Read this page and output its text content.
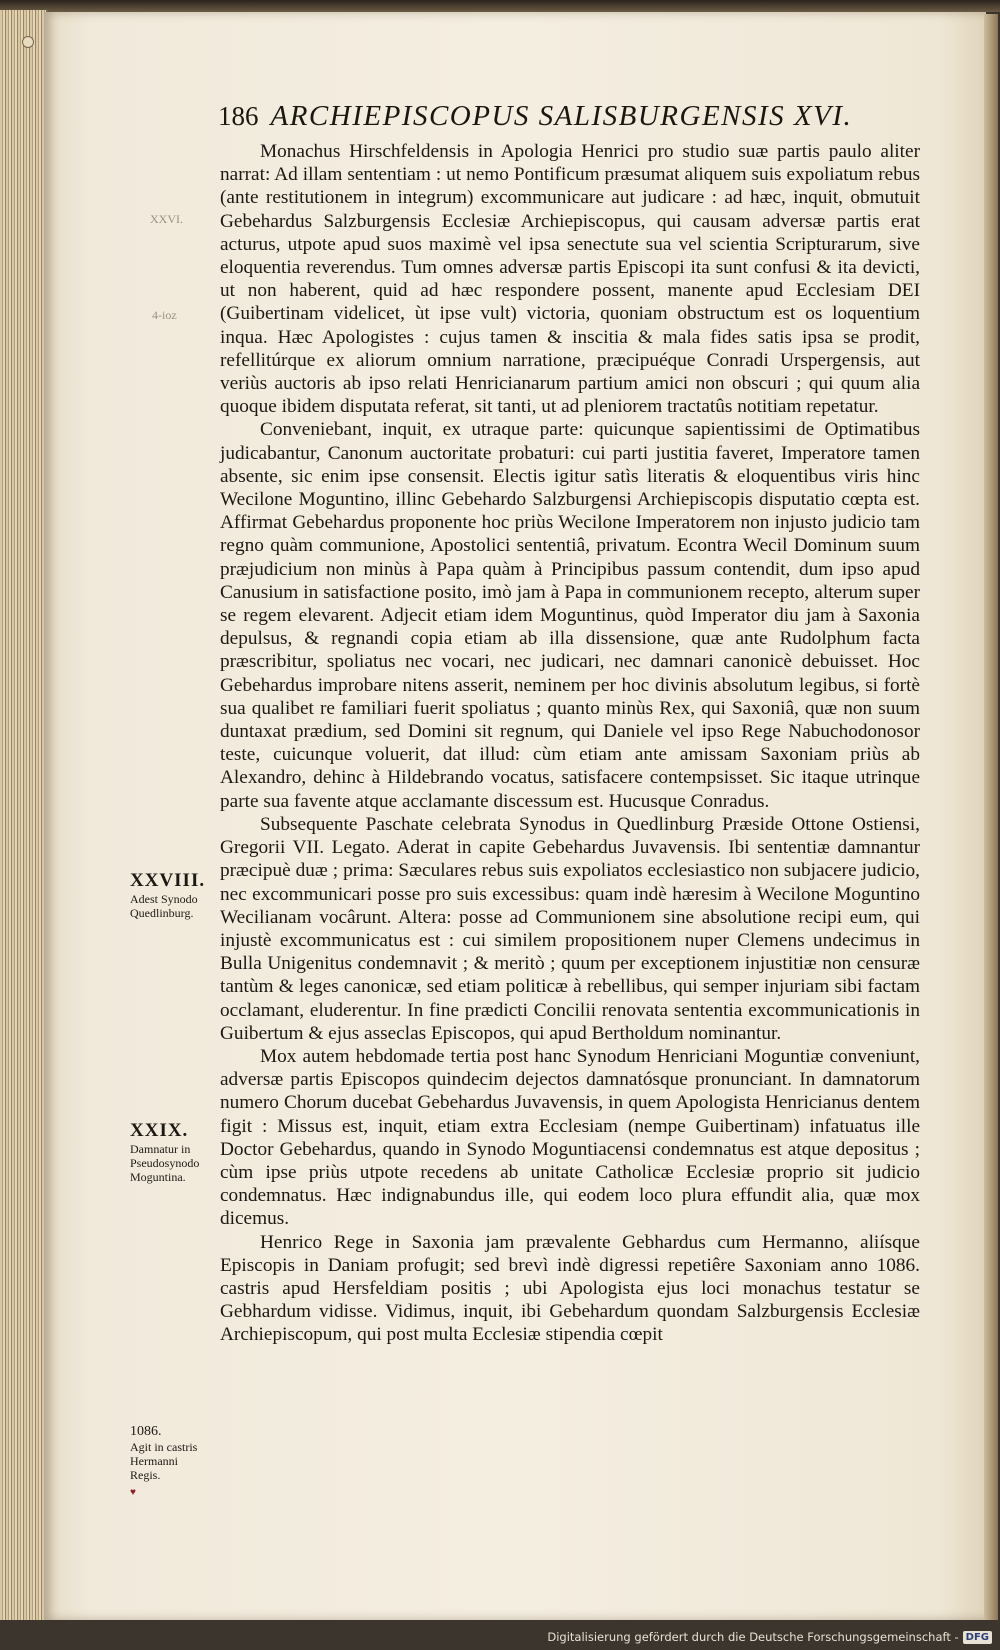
186 ARCHIEPISCOPUS SALISBURGENSIS XVI.

Monachus Hirschfeldensis in Apologia Henrici pro studio suæ partis paulo aliter narrat: Ad illam sententiam : ut nemo Pontificum præsumat aliquem suis expoliatum rebus (ante restitutionem in integrum) excommunicare aut judicare : ad hæc, inquit, obmutuit Gebehardus Salzburgensis Ecclesiæ Archiepiscopus, qui causam adversæ partis erat acturus, utpote apud suos maximè vel ipsa senectute sua vel scientia Scripturarum, sive eloquentia reverendus. Tum omnes adversæ partis Episcopi ita sunt confusi & ita devicti, ut non haberent, quid ad hæc respondere possent, manente apud Ecclesiam DEI (Guibertinam videlicet, ùt ipse vult) victoria, quoniam obstructum est os loquentium inqua. Hæc Apologistes : cujus tamen & inscitia & mala fides satis ipsa se prodit, refellitúrque ex aliorum omnium narratione, præcipuéque Conradi Urspergensis, aut veriùs auctoris ab ipso relati Henricianarum partium amici non obscuri ; qui quum alia quoque ibidem disputata referat, sit tanti, ut ad pleniorem tractatûs notitiam repetatur.

Conveniebant, inquit, ex utraque parte: quicunque sapientissimi de Optimatibus judicabantur, Canonum auctoritate probaturi: cui parti justitia faveret, Imperatore tamen absente, sic enim ipse consensit. Electis igitur satìs literatis & eloquentibus viris hinc Wecilone Moguntino, illinc Gebehardo Salzburgensi Archiepiscopis disputatio cœpta est. Affirmat Gebehardus proponente hoc priùs Wecilone Imperatorem non injusto judicio tam regno quàm communione, Apostolici sententiâ, privatum. Econtra Wecil Dominum suum præjudicium non minùs à Papa quàm à Principibus passum contendit, dum ipso apud Canusium in satisfactione posito, imò jam à Papa in communionem recepto, alterum super se regem elevarent. Adjecit etiam idem Moguntinus, quòd Imperator diu jam à Saxonia depulsus, & regnandi copia etiam ab illa dissensione, quæ ante Rudolphum facta præscribitur, spoliatus nec vocari, nec judicari, nec damnari canonicè debuisset. Hoc Gebehardus improbare nitens asserit, neminem per hoc divinis absolutum legibus, si fortè sua qualibet re familiari fuerit spoliatus ; quanto minùs Rex, qui Saxoniâ, quæ non suum duntaxat prædium, sed Domini sit regnum, qui Daniele vel ipso Rege Nabuchodonosor teste, cuicunque voluerit, dat illud: cùm etiam ante amissam Saxoniam priùs ab Alexandro, dehinc à Hildebrando vocatus, satisfacere contempsisset. Sic itaque utrinque parte sua favente atque acclamante discessum est. Hucusque Conradus.

Subsequente Paschate celebrata Synodus in Quedlinburg Præside Ottone Ostiensi, Gregorii VII. Legato. Aderat in capite Gebehardus Juvavensis. Ibi sententiæ damnantur præcipuè duæ ; prima: Sæculares rebus suis expoliatos ecclesiastico non subjacere judicio, nec excommunicari posse pro suis excessibus: quam indè hæresim à Wecilone Moguntino Wecilianam vocârunt. Altera: posse ad Communionem sine absolutione recipi eum, qui injustè excommunicatus est : cui similem propositionem nuper Clemens undecimus in Bulla Unigenitus condemnavit ; & meritò ; quum per exceptionem injustitiæ non censuræ tantùm & leges canonicæ, sed etiam politicæ à rebellibus, qui semper injuriam sibi factam occlamant, eluderentur. In fine prædicti Concilii renovata sententia excommunicationis in Guibertum & ejus asseclas Episcopos, qui apud Bertholdum nominantur.

Mox autem hebdomade tertia post hanc Synodum Henriciani Moguntiæ conveniunt, adversæ partis Episcopos quindecim dejectos damnatósque pronunciant. In damnatorum numero Chorum ducebat Gebehardus Juvavensis, in quem Apologista Henricianus dentem figit : Missus est, inquit, etiam extra Ecclesiam (nempe Guibertinam) infatuatus ille Doctor Gebehardus, quando in Synodo Moguntiacensi condemnatus est atque depositus ; cùm ipse priùs utpote recedens ab unitate Catholicæ Ecclesiæ proprio sit judicio condemnatus. Hæc indignabundus ille, qui eodem loco plura effundit alia, quæ mox dicemus.

Henrico Rege in Saxonia jam prævalente Gebhardus cum Hermanno, aliísque Episcopis in Daniam profugit; sed brevì indè digressi repetiêre Saxoniam anno 1086. castris apud Hersfeldiam positis ; ubi Apologista ejus loci monachus testatur se Gebhardum vidisse. Vidimus, inquit, ibi Gebehardum quondam Salzburgensis Ecclesiæ Archiepiscopum, qui post multa Ecclesiæ stipendia cœpit

XXVI.
4-ioz
XXVIII.
Adest Synodo Quedlinburg.
XXIX.
Damnatur in Pseudosynodo Moguntina.
1086.
Agit in castris Hermanni Regis.
♥
Digitalisierung gefördert durch die Deutsche Forschungsgemeinschaft - DFG
